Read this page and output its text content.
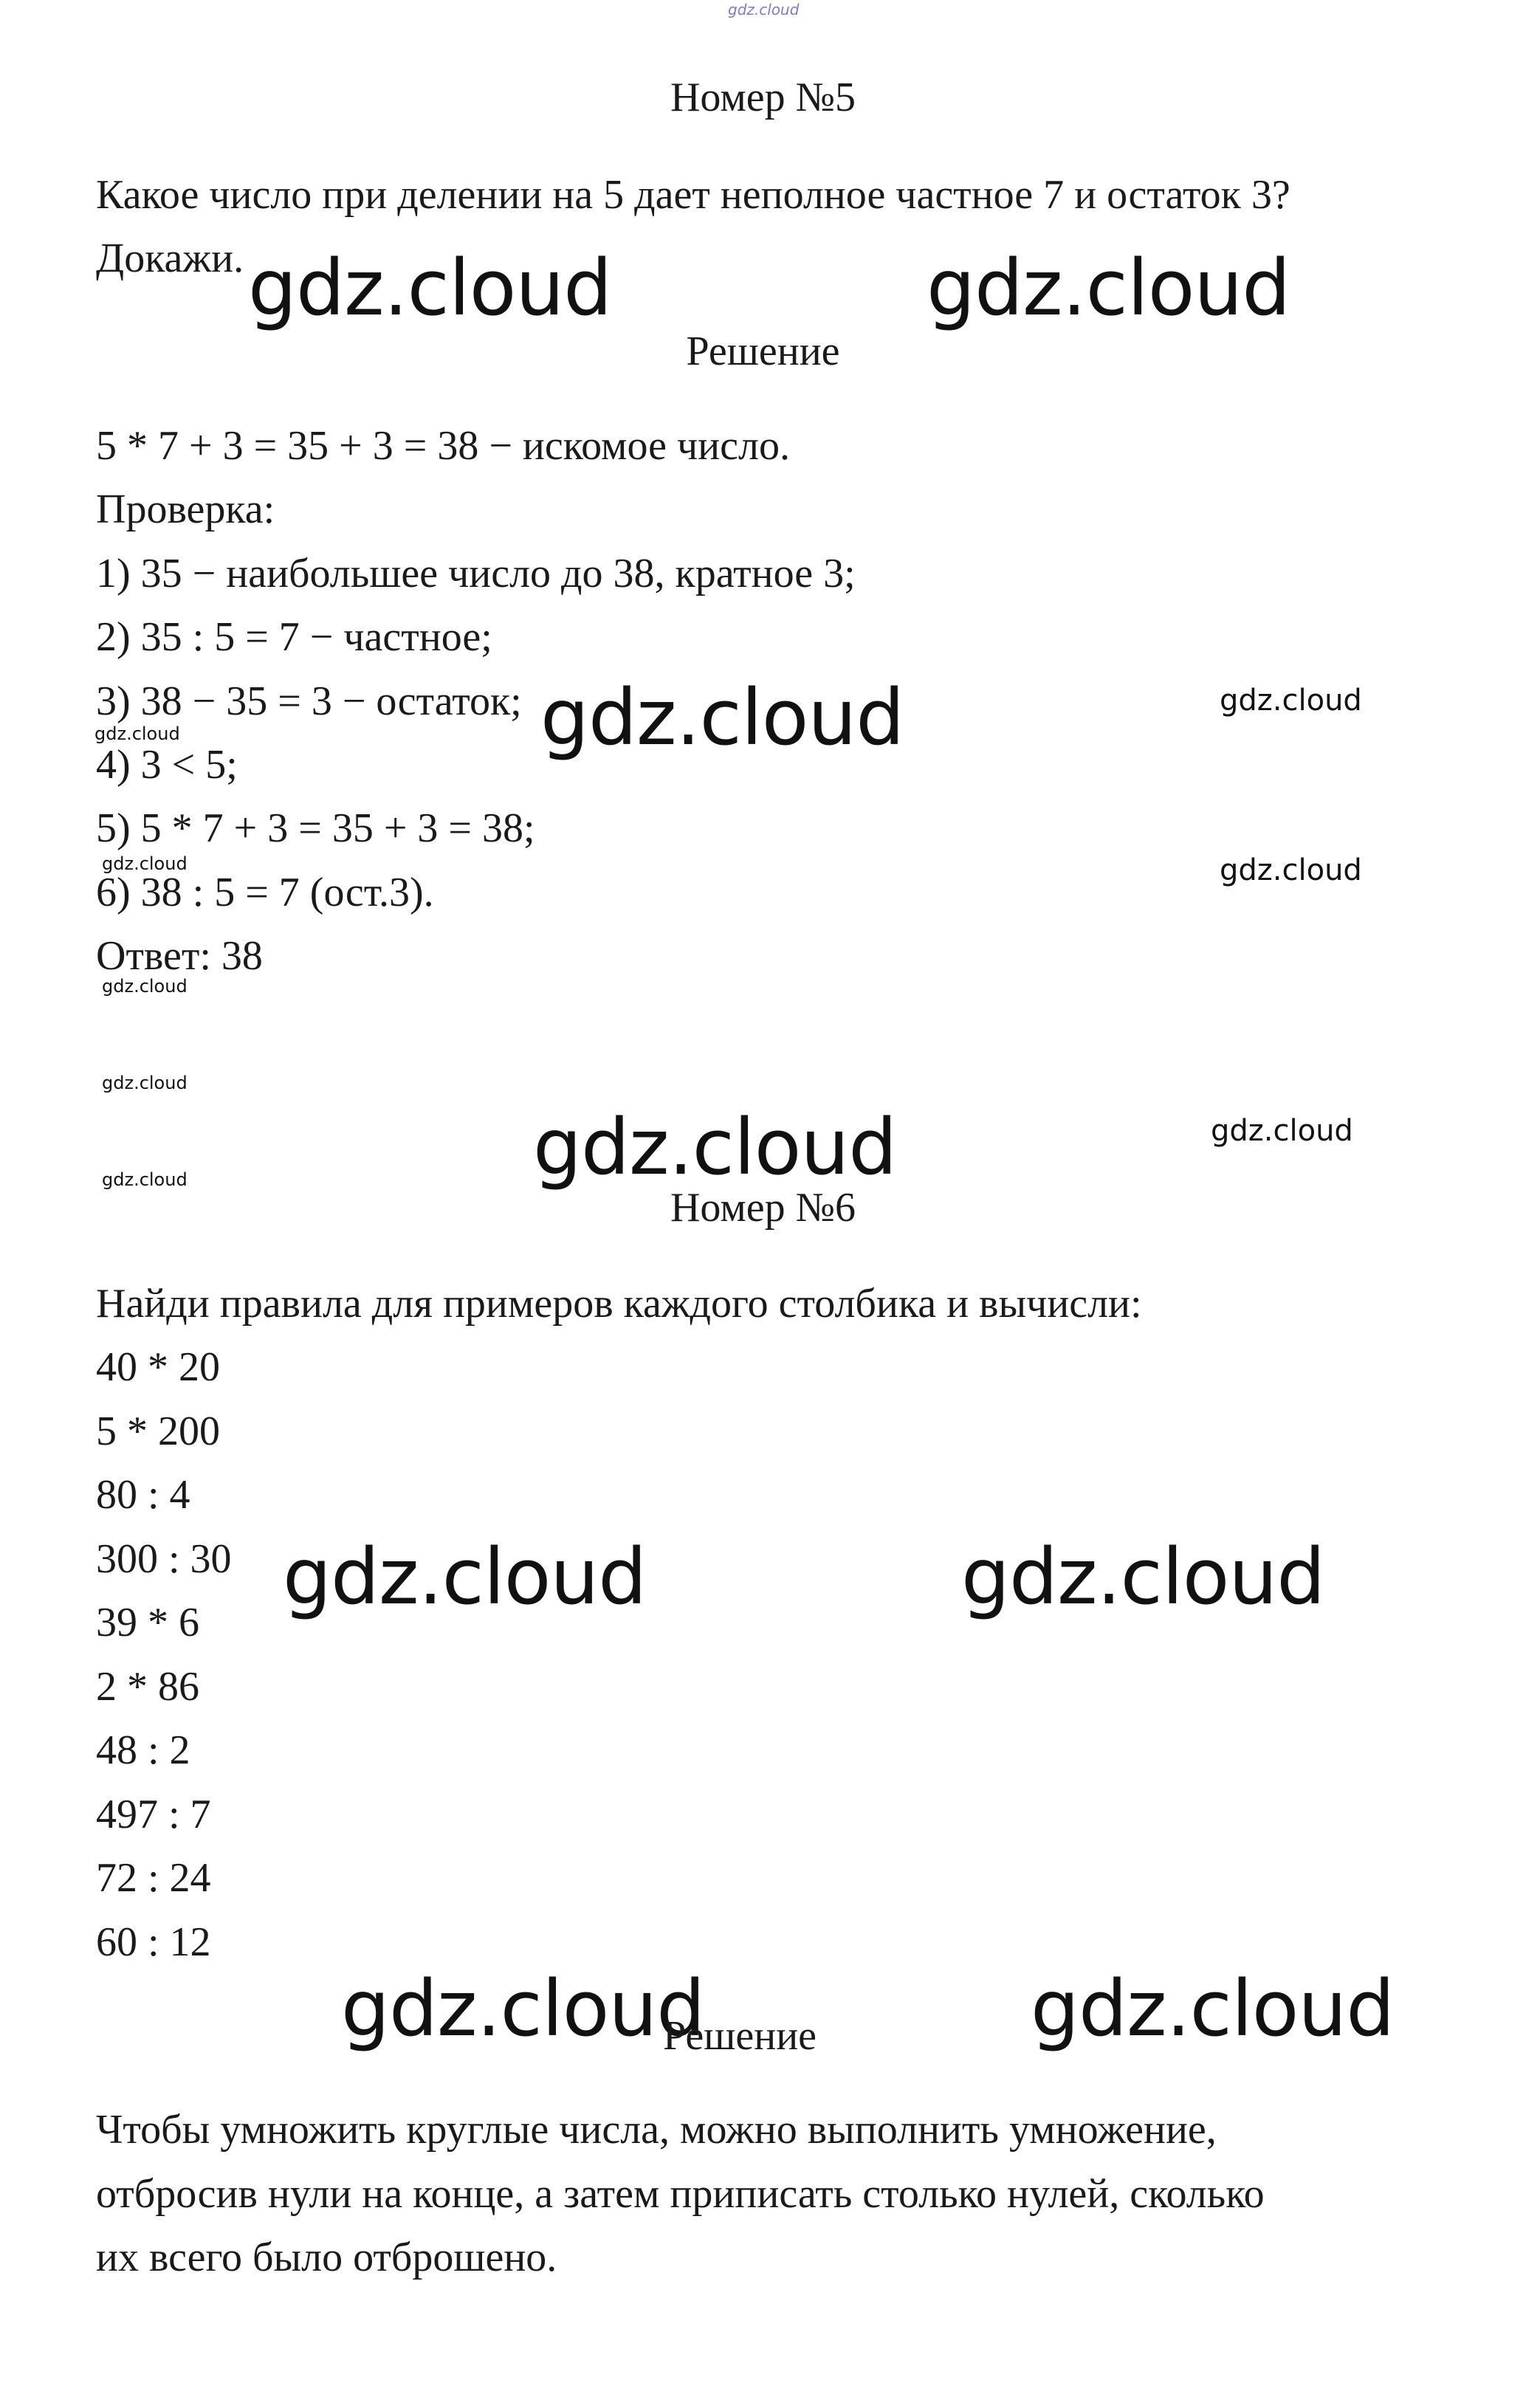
gdz.cloud
Номер №5
Какое число при делении на 5 дает неполное частное 7 и остаток 3?
Докажи. gdz.cloud	gdz.cloud
Решение
5 * 7 + 3 = 35 + 3 = 38 − искомое число.
Проверка:
1) 35 − наибольшее число до 38, кратное 3;
2) 35 : 5 = 7 − частное;
3) 38 − 35 = 3 − остаток;
4) 3 < 5;
5) 5 * 7 + 3 = 35 + 3 = 38;
6) 38 : 5 = 7 (ост.3).
Ответ: 38
gdz.cloud	gdz.cloud
gdz.cloud
gdz.cloud	gdz.cloud
gdz.cloud
gdz.cloud
gdz.cloud
gdz.cloud	gdz.cloud
Номер №6
Найди правила для примеров каждого столбика и вычисли:
40 * 20
5 * 200
80 : 4
300 : 30
39 * 6
2 * 86
48 : 2
497 : 7
72 : 24
60 : 12
gdz.cloud	gdz.cloud
gdz.cloud
Решение	gdz.cloud
Чтобы умножить круглые числа, можно выполнить умножение,
отбросив нули на конце, а затем приписать столько нулей, сколько
их всего было отброшено.
